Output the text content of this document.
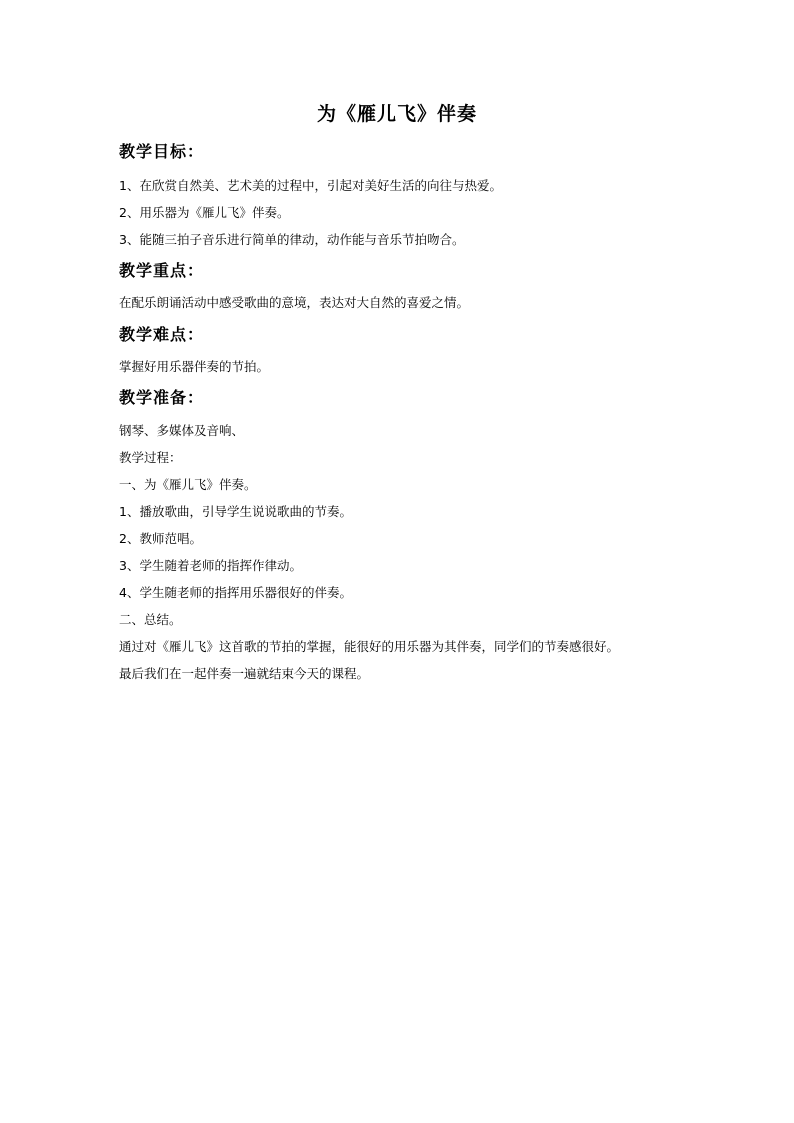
为《雁儿飞》伴奏
教学目标：
1、在欣赏自然美、艺术美的过程中，引起对美好生活的向往与热爱。
2、用乐器为《雁儿飞》伴奏。
3、能随三拍子音乐进行简单的律动，动作能与音乐节拍吻合。
教学重点：
在配乐朗诵活动中感受歌曲的意境，表达对大自然的喜爱之情。
教学难点：
掌握好用乐器伴奏的节拍。
教学准备：
钢琴、多媒体及音响、
教学过程：
一、为《雁儿飞》伴奏。
1、播放歌曲，引导学生说说歌曲的节奏。
2、教师范唱。
3、学生随着老师的指挥作律动。
4、学生随老师的指挥用乐器很好的伴奏。
二、总结。
通过对《雁儿飞》这首歌的节拍的掌握，能很好的用乐器为其伴奏，同学们的节奏感很好。
最后我们在一起伴奏一遍就结束今天的课程。
